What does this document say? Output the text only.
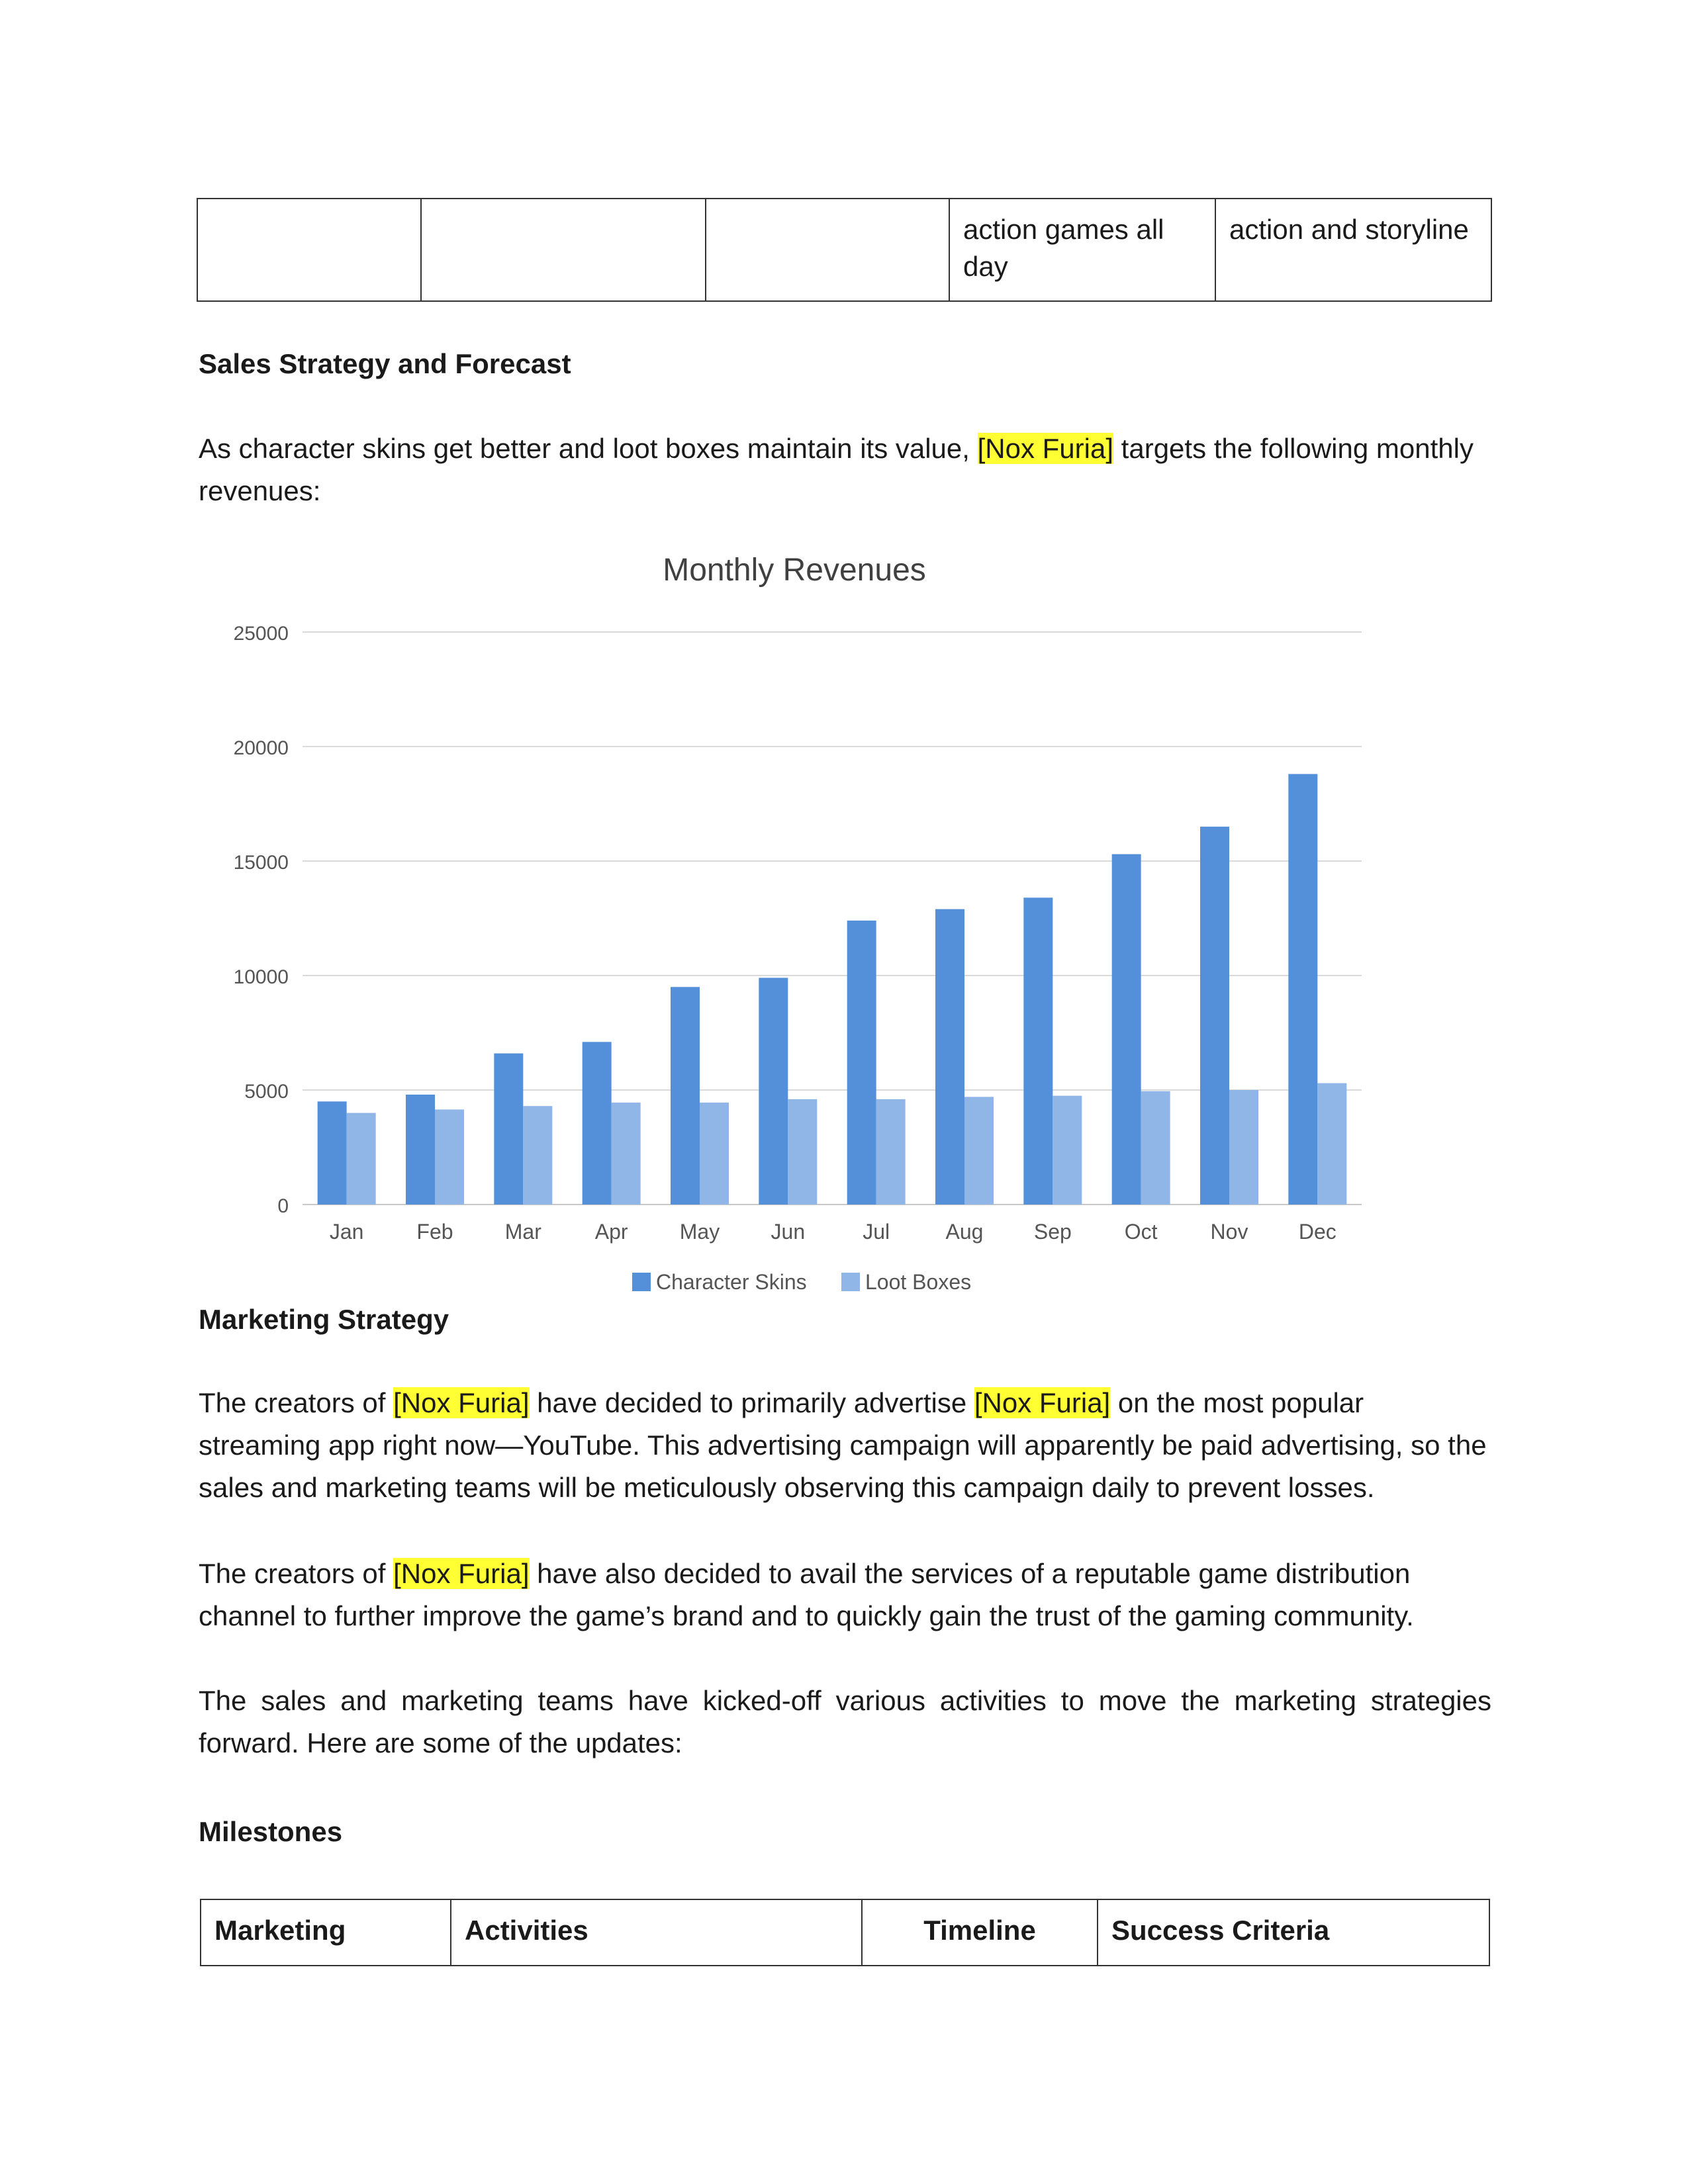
			action games all day	action and storyline
Sales Strategy and Forecast
As character skins get better and loot boxes maintain its value, [Nox Furia] targets the following monthly revenues:
Monthly Revenues
0
5000
10000
15000
20000
25000
Jan Feb Mar	Apr May Jun	Jul	Aug Sep Oct Nov Dec
Character Skins	Loot Boxes
Marketing Strategy
The creators of [Nox Furia] have decided to primarily advertise [Nox Furia] on the most popular streaming app right now—YouTube. This advertising campaign will apparently be paid advertising, so the sales and marketing teams will be meticulously observing this campaign daily to prevent losses.
The creators of [Nox Furia] have also decided to avail the services of a reputable game distribution channel to further improve the game’s brand and to quickly gain the trust of the gaming community.
The sales and marketing teams have kicked-off various activities to move the marketing strategies forward. Here are some of the updates:
Milestones
Marketing	Activities	Timeline	Success Criteria
